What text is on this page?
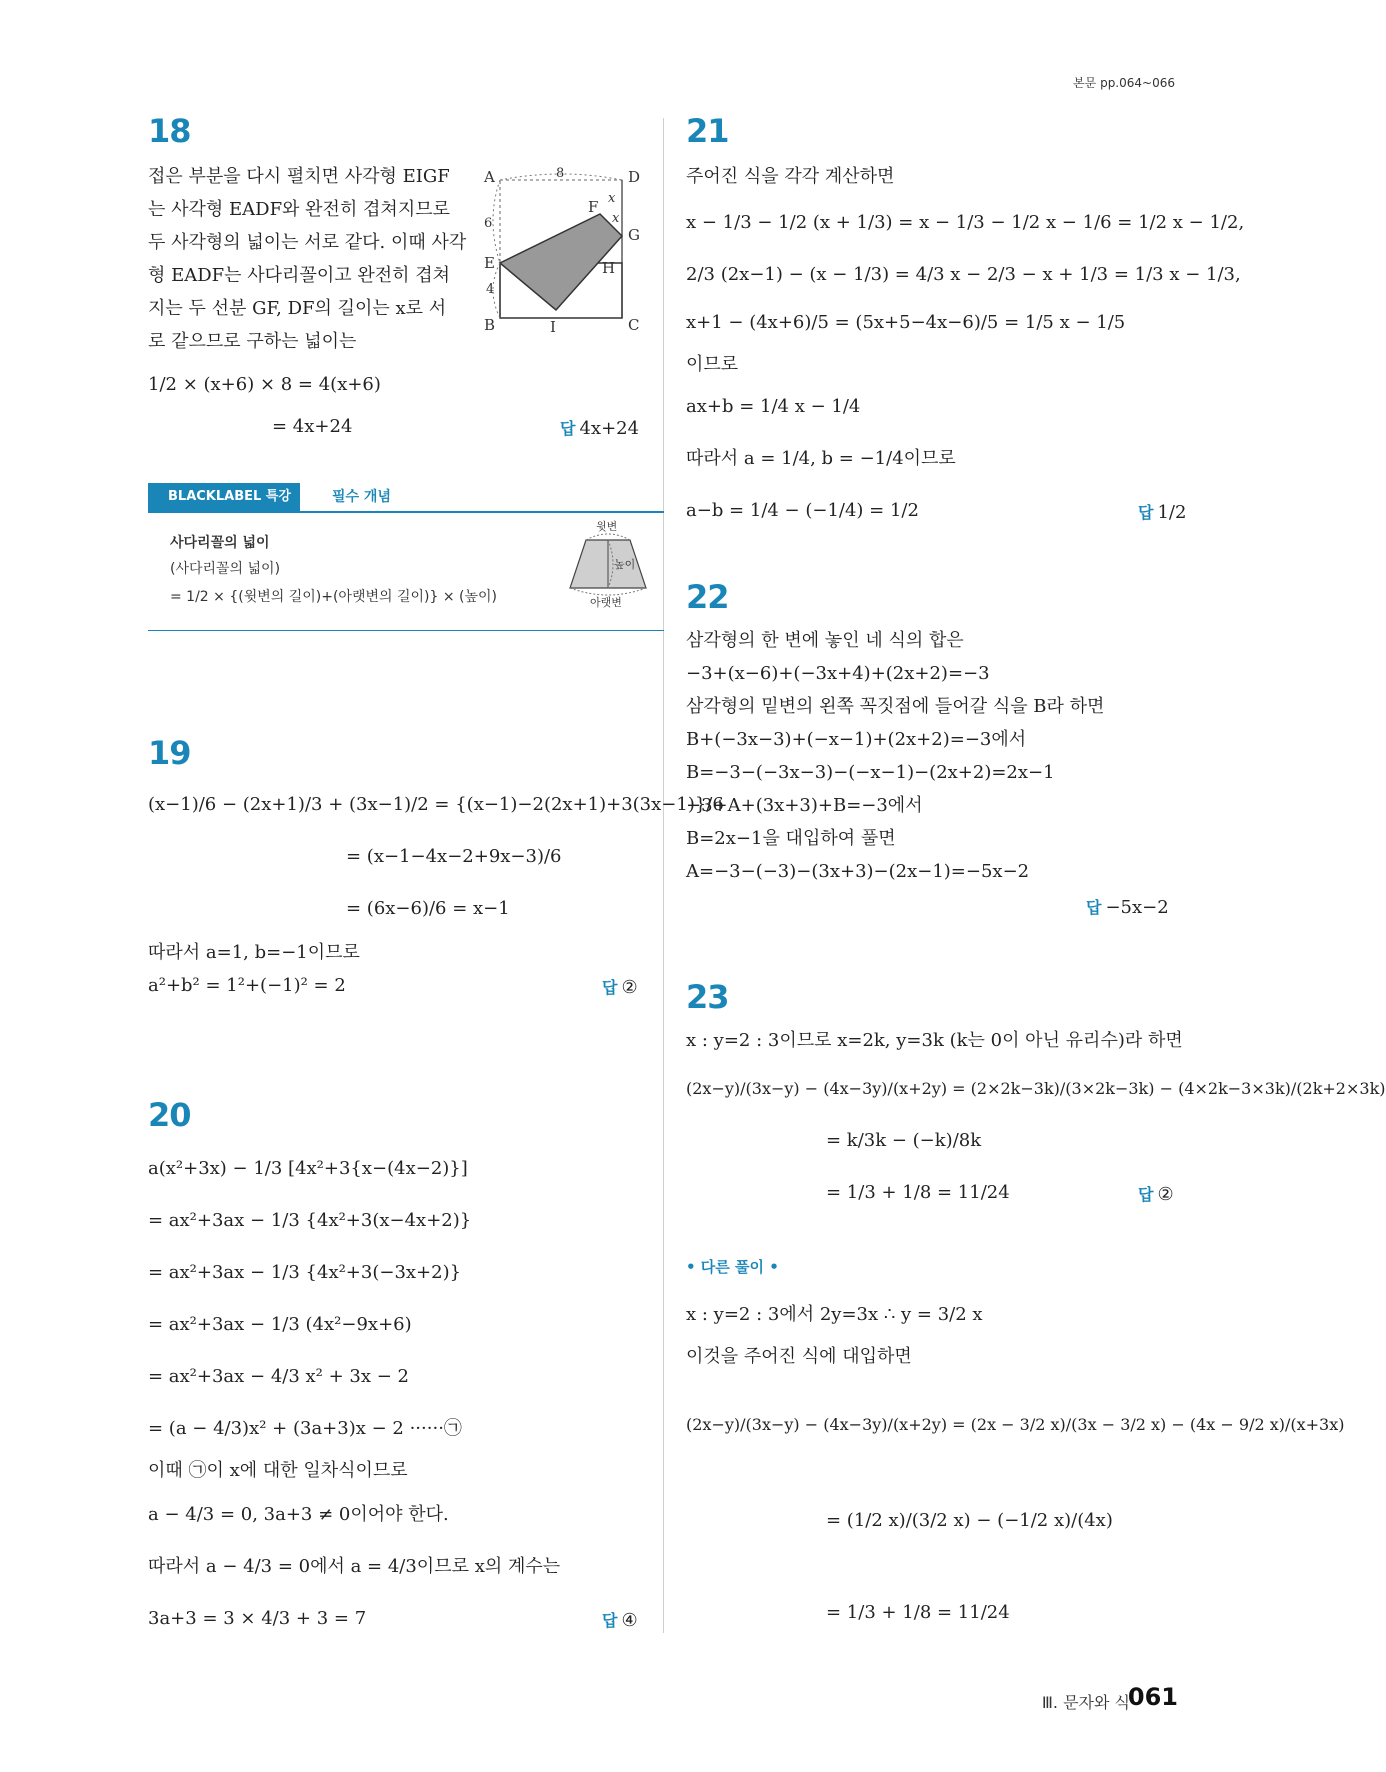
본문 pp.064~066
18
접은 부분을 다시 펼치면 사각형 EIGF
는 사각형 EADF와 완전히 겹쳐지므로
두 사각형의 넓이는 서로 같다. 이때 사각
형 EADF는 사다리꼴이고 완전히 겹쳐
지는 두 선분 GF, DF의 길이는 x로 서
로 같으므로 구하는 넓이는
1/2 × (x+6) × 8 = 4(x+6)
= 4x+24	답 4x+24
A	D
F
G
E	H
B	I	C
8
6
4
x
x
BLACKLABEL 특강	필수 개념
사다리꼴의 넓이
(사다리꼴의 넓이)
= 1/2 × {(윗변의 길이)+(아랫변의 길이)} × (높이)
윗변
높이
아랫변
19
(x−1)/6 − (2x+1)/3 + (3x−1)/2 = {(x−1)−2(2x+1)+3(3x−1)}/6
= (x−1−4x−2+9x−3)/6
= (6x−6)/6 = x−1
따라서 a=1, b=−1이므로
a²+b² = 1²+(−1)² = 2	답 ②
20
a(x²+3x) − 1/3 [4x²+3{x−(4x−2)}]
= ax²+3ax − 1/3 {4x²+3(x−4x+2)}
= ax²+3ax − 1/3 {4x²+3(−3x+2)}
= ax²+3ax − 1/3 (4x²−9x+6)
= ax²+3ax − 4/3 x² + 3x − 2
= (a − 4/3)x² + (3a+3)x − 2 ······㉠
이때 ㉠이 x에 대한 일차식이므로
a − 4/3 = 0, 3a+3 ≠ 0이어야 한다.
따라서 a − 4/3 = 0에서 a = 4/3이므로 x의 계수는
3a+3 = 3 × 4/3 + 3 = 7	답 ④
21
주어진 식을 각각 계산하면
x − 1/3 − 1/2 (x + 1/3) = x − 1/3 − 1/2 x − 1/6 = 1/2 x − 1/2,
2/3 (2x−1) − (x − 1/3) = 4/3 x − 2/3 − x + 1/3 = 1/3 x − 1/3,
x+1 − (4x+6)/5 = (5x+5−4x−6)/5 = 1/5 x − 1/5
이므로
ax+b = 1/4 x − 1/4
따라서 a = 1/4, b = −1/4이므로
a−b = 1/4 − (−1/4) = 1/2	답 1/2
22
삼각형의 한 변에 놓인 네 식의 합은
−3+(x−6)+(−3x+4)+(2x+2)=−3
삼각형의 밑변의 왼쪽 꼭짓점에 들어갈 식을 B라 하면
B+(−3x−3)+(−x−1)+(2x+2)=−3에서
B=−3−(−3x−3)−(−x−1)−(2x+2)=2x−1
−3+A+(3x+3)+B=−3에서
B=2x−1을 대입하여 풀면
A=−3−(−3)−(3x+3)−(2x−1)=−5x−2
답 −5x−2
23
x : y=2 : 3이므로 x=2k, y=3k (k는 0이 아닌 유리수)라 하면
(2x−y)/(3x−y) − (4x−3y)/(x+2y) = (2×2k−3k)/(3×2k−3k) − (4×2k−3×3k)/(2k+2×3k)
= k/3k − (−k)/8k
= 1/3 + 1/8 = 11/24	답 ②
• 다른 풀이 •
x : y=2 : 3에서 2y=3x ∴ y = 3/2 x
이것을 주어진 식에 대입하면
(2x−y)/(3x−y) − (4x−3y)/(x+2y) = (2x − 3/2 x)/(3x − 3/2 x) − (4x − 9/2 x)/(x+3x)
= (1/2 x)/(3/2 x) − (−1/2 x)/(4x)
= 1/3 + 1/8 = 11/24
Ⅲ. 문자와 식
061
